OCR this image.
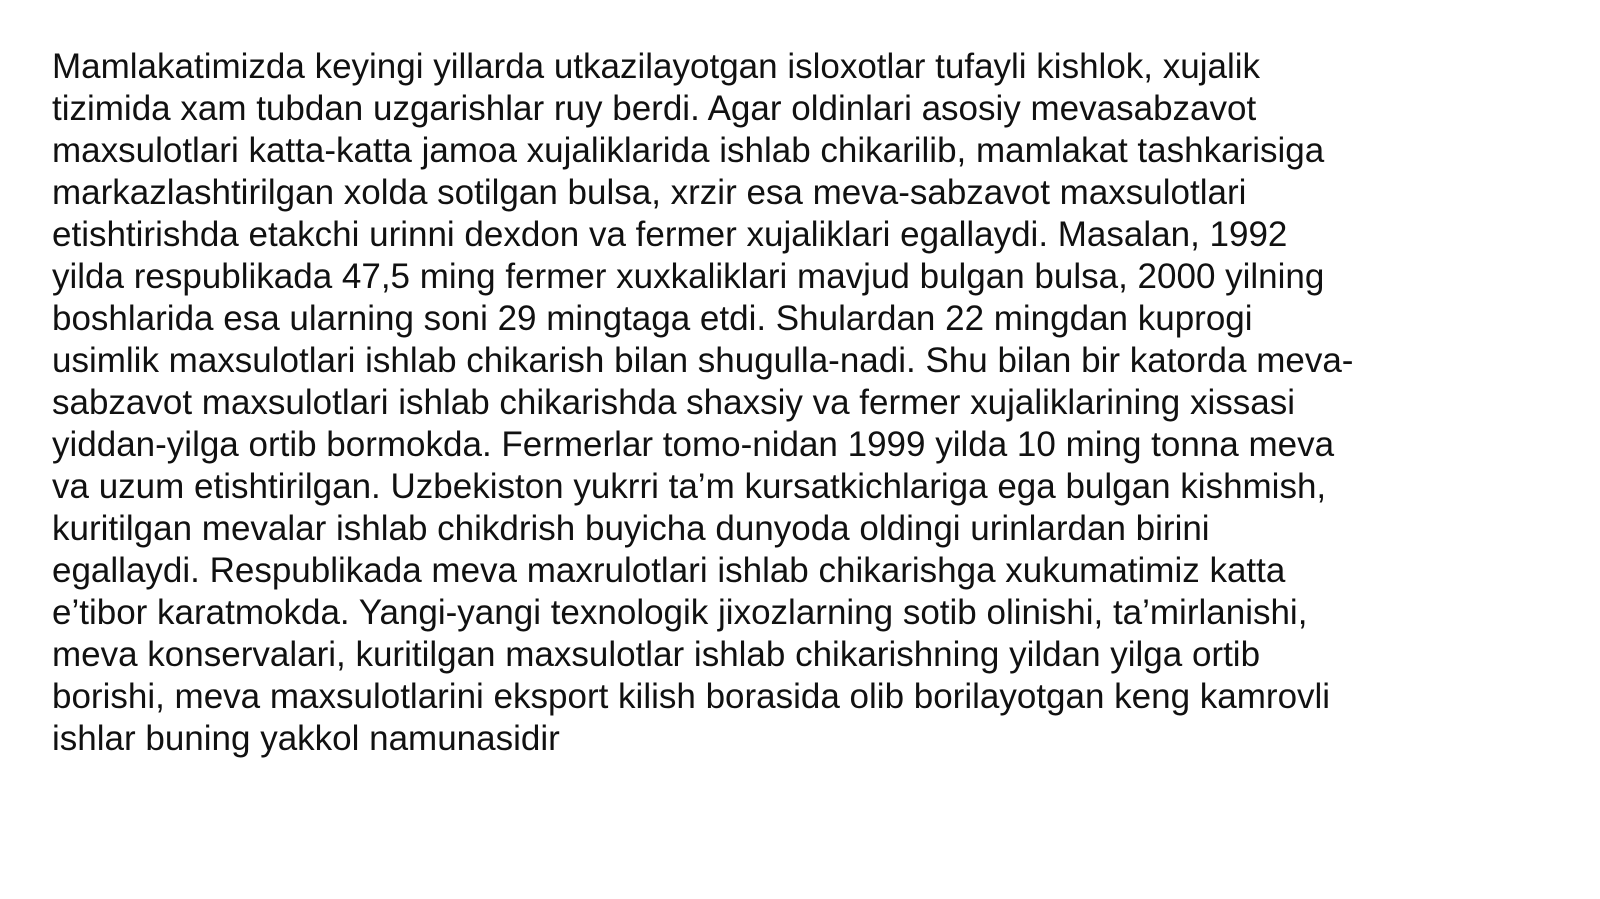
Mamlakatimizda keyingi yillarda utkazilayotgan isloxotlar tufayli kishlok, xujalik
tizimida xam tubdan uzgarishlar ruy berdi. Agar oldinlari asosiy mevasabzavot
maxsulotlari katta-katta jamoa xujaliklarida ishlab chikarilib, mamlakat tashkarisiga
markazlashtirilgan xolda sotilgan bulsa, xrzir esa meva-sabzavot maxsulotlari
etishtirishda etakchi urinni dexdon va fermer xujaliklari egallaydi. Masalan, 1992
yilda respublikada 47,5 ming fermer xuxkaliklari mavjud bulgan bulsa, 2000 yilning
boshlarida esa ularning soni 29 mingtaga etdi. Shulardan 22 mingdan kuprogi
usimlik maxsulotlari ishlab chikarish bilan shugulla-nadi. Shu bilan bir katorda meva-
sabzavot maxsulotlari ishlab chikarishda shaxsiy va fermer xujaliklarining xissasi
yiddan-yilga ortib bormokda. Fermerlar tomo-nidan 1999 yilda 10 ming tonna meva
va uzum etishtirilgan. Uzbekiston yukrri ta’m kursatkichlariga ega bulgan kishmish,
kuritilgan mevalar ishlab chikdrish buyicha dunyoda oldingi urinlardan birini
egallaydi. Respublikada meva maxrulotlari ishlab chikarishga xukumatimiz katta
e’tibor karatmokda. Yangi-yangi texnologik jixozlarning sotib olinishi, ta’mirlanishi,
meva konservalari, kuritilgan maxsulotlar ishlab chikarishning yildan yilga ortib
borishi, meva maxsulotlarini eksport kilish borasida olib borilayotgan keng kamrovli
ishlar buning yakkol namunasidir
